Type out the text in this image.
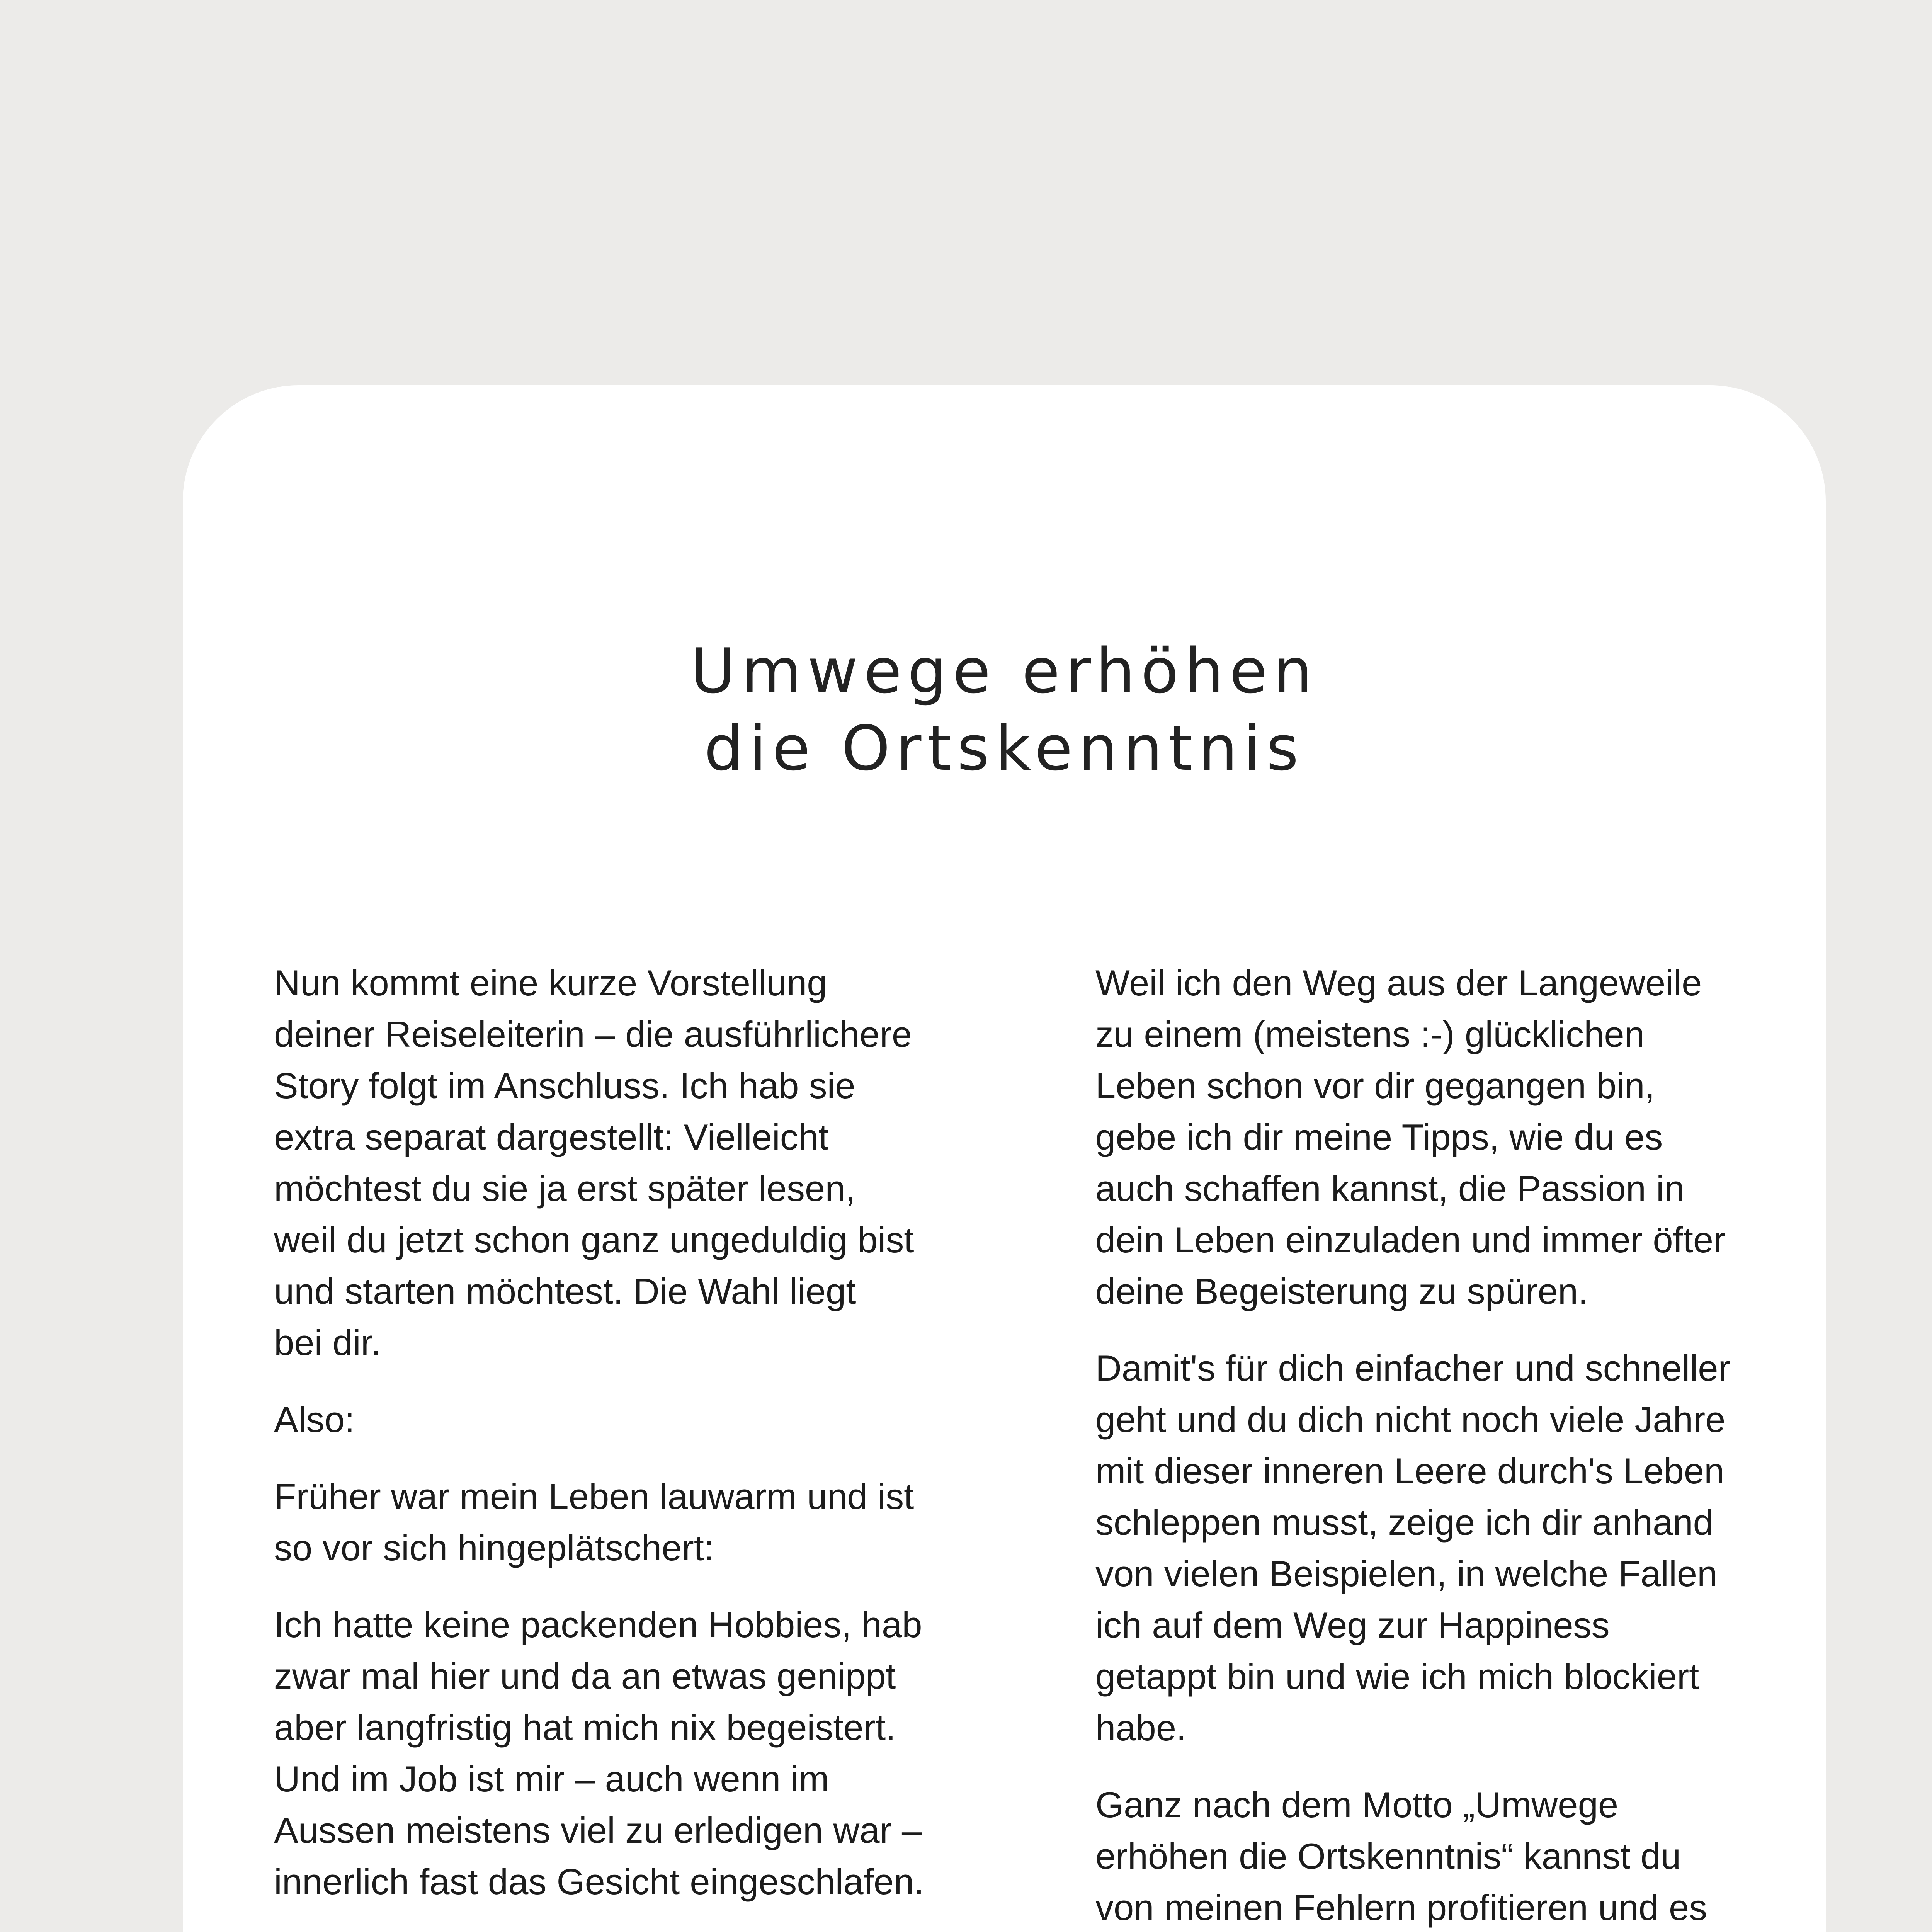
Umwege erhöhen
die Ortskenntnis

Nun kommt eine kurze Vorstellung
deiner Reiseleiterin – die ausführlichere
Story folgt im Anschluss. Ich hab sie
extra separat dargestellt: Vielleicht
möchtest du sie ja erst später lesen,
weil du jetzt schon ganz ungeduldig bist
und starten möchtest. Die Wahl liegt
bei dir.

Also:

Früher war mein Leben lauwarm und ist
so vor sich hingeplätschert:

Ich hatte keine packenden Hobbies, hab
zwar mal hier und da an etwas genippt
aber langfristig hat mich nix begeistert.
Und im Job ist mir – auch wenn im
Aussen meistens viel zu erledigen war –
innerlich fast das Gesicht eingeschlafen.

Weil ich den Weg aus der Langeweile
zu einem (meistens :-) glücklichen
Leben schon vor dir gegangen bin,
gebe ich dir meine Tipps, wie du es
auch schaffen kannst, die Passion in
dein Leben einzuladen und immer öfter
deine Begeisterung zu spüren.

Damit's für dich einfacher und schneller
geht und du dich nicht noch viele Jahre
mit dieser inneren Leere durch's Leben
schleppen musst, zeige ich dir anhand
von vielen Beispielen, in welche Fallen
ich auf dem Weg zur Happiness
getappt bin und wie ich mich blockiert
habe.

Ganz nach dem Motto „Umwege
erhöhen die Ortskenntnis“ kannst du
von meinen Fehlern profitieren und es
